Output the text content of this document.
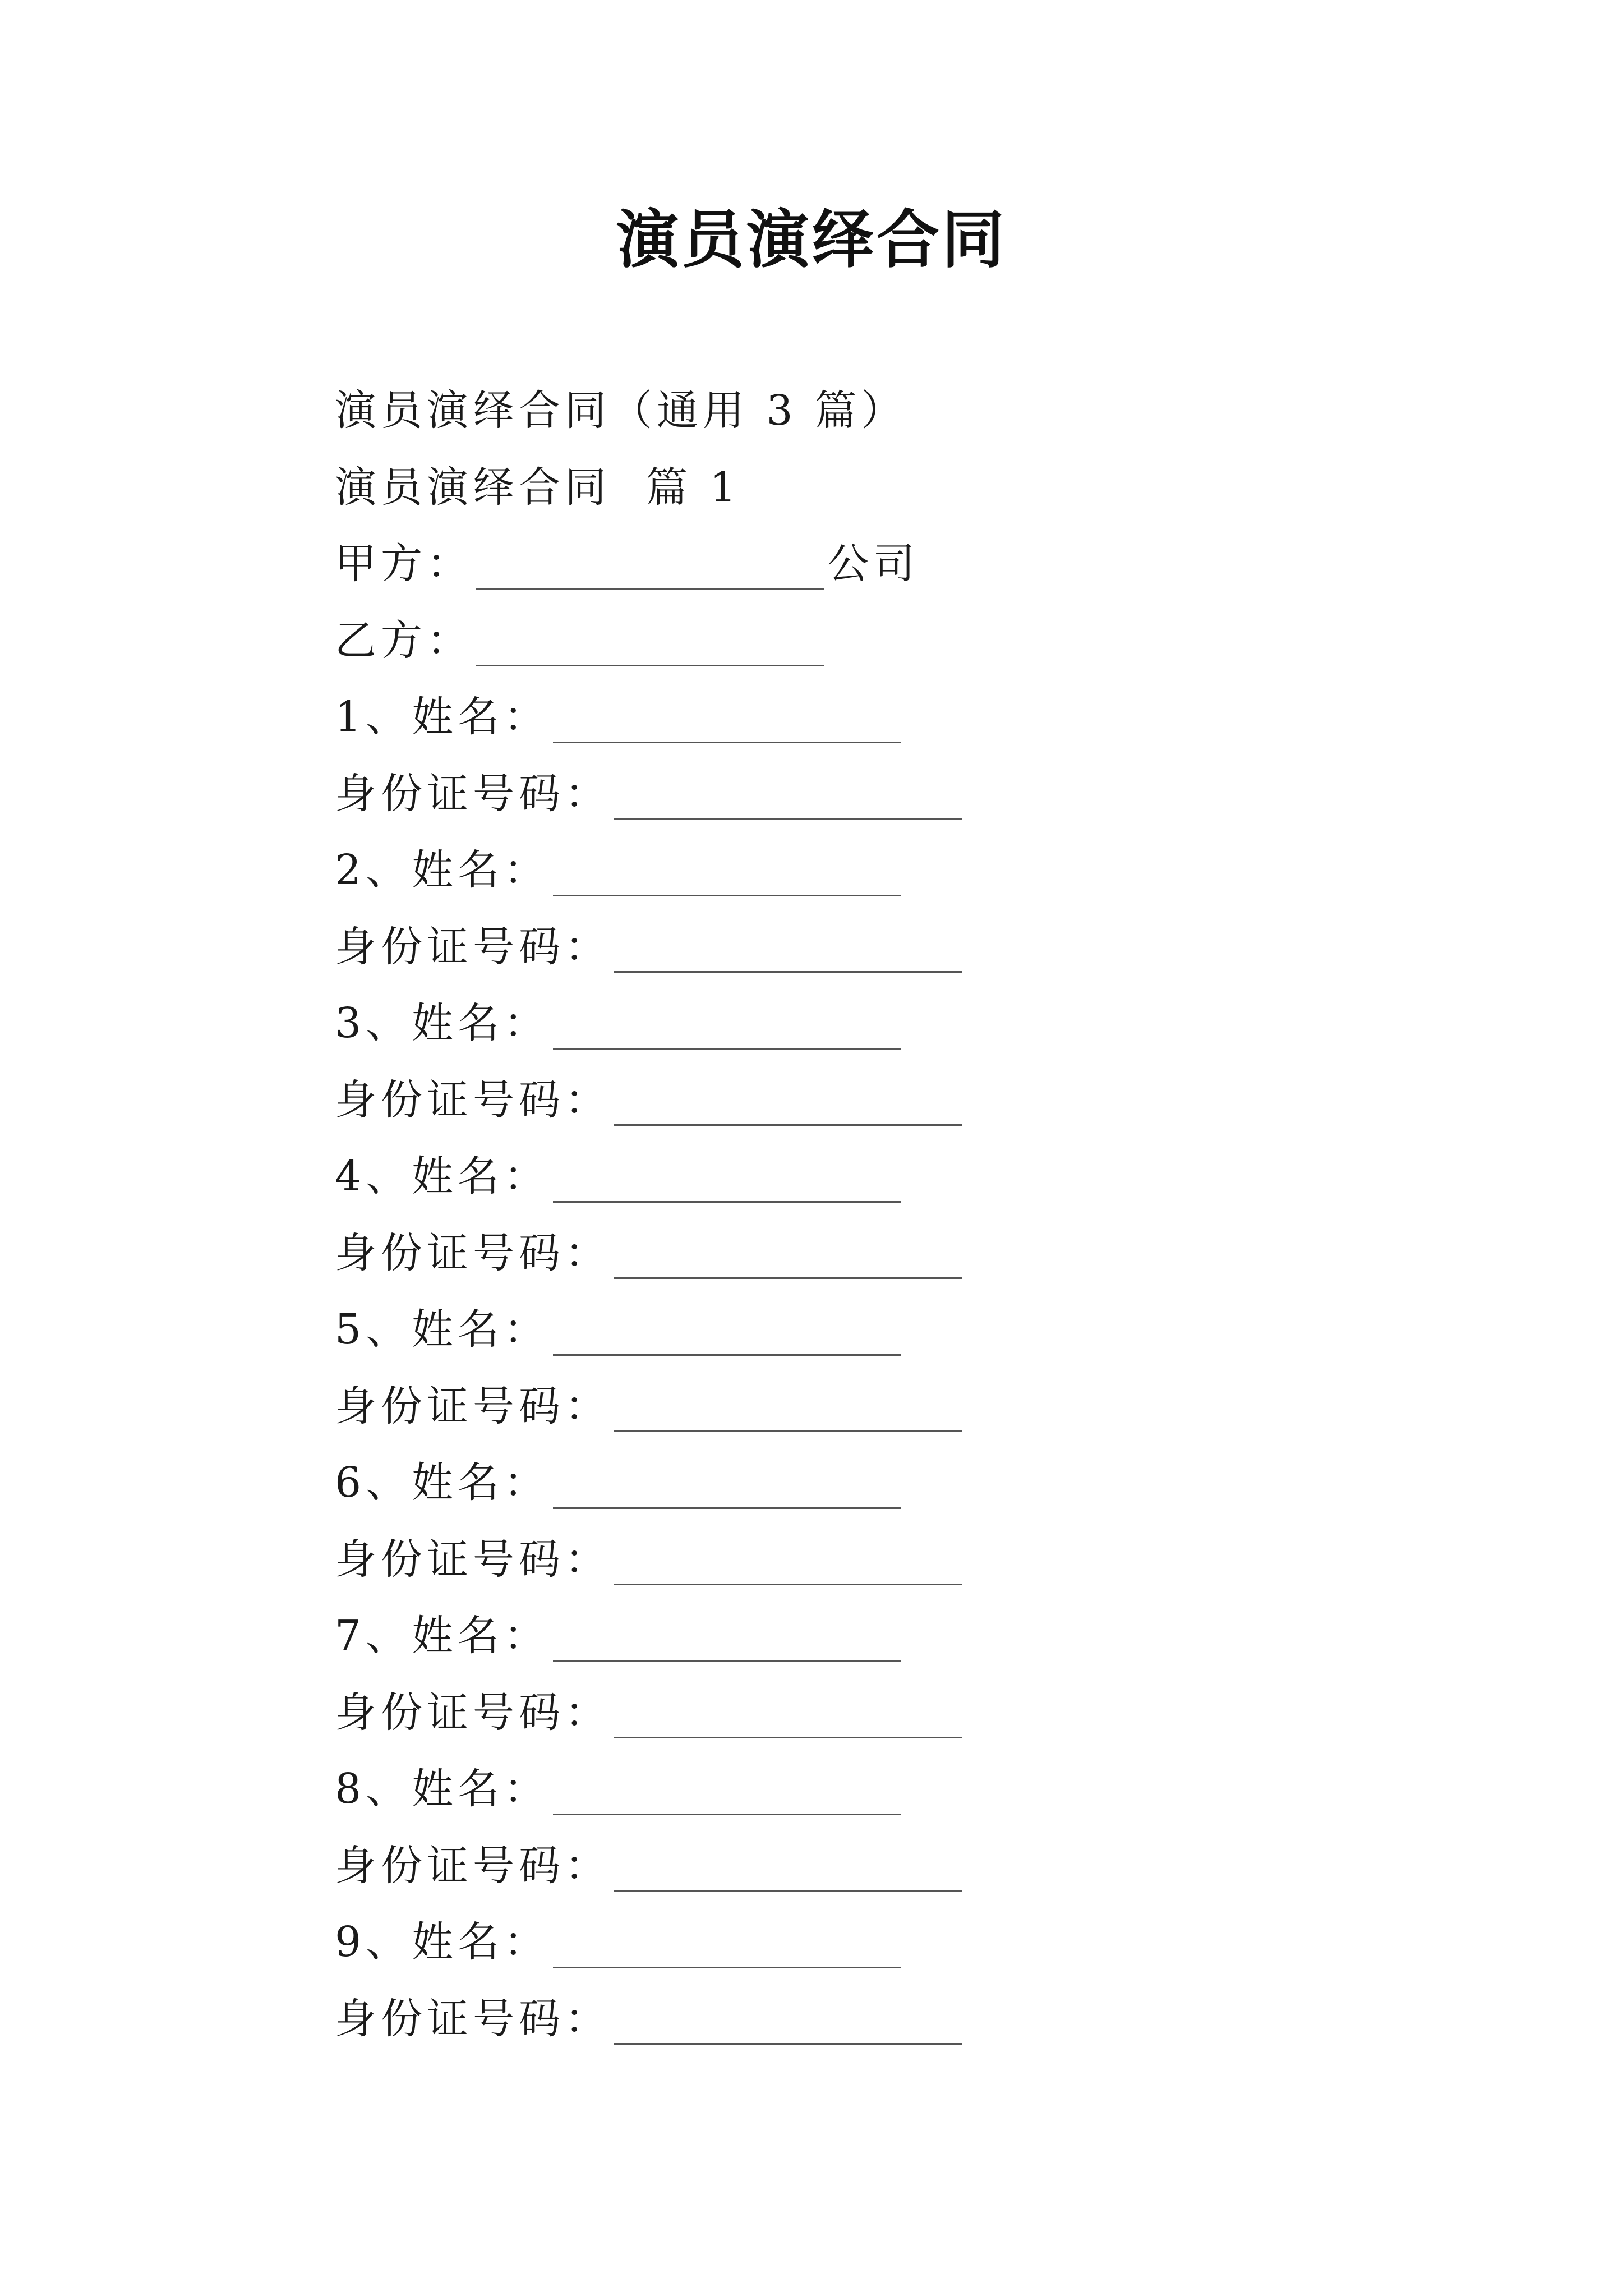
演员演绎合同
演员演绎合同（通用 3 篇）
演员演绎合同  篇 1
甲方：	公司
乙方：
1、姓名：
身份证号码：
2、姓名：
身份证号码：
3、姓名：
身份证号码：
4、姓名：
身份证号码：
5、姓名：
身份证号码：
6、姓名：
身份证号码：
7、姓名：
身份证号码：
8、姓名：
身份证号码：
9、姓名：
身份证号码：
